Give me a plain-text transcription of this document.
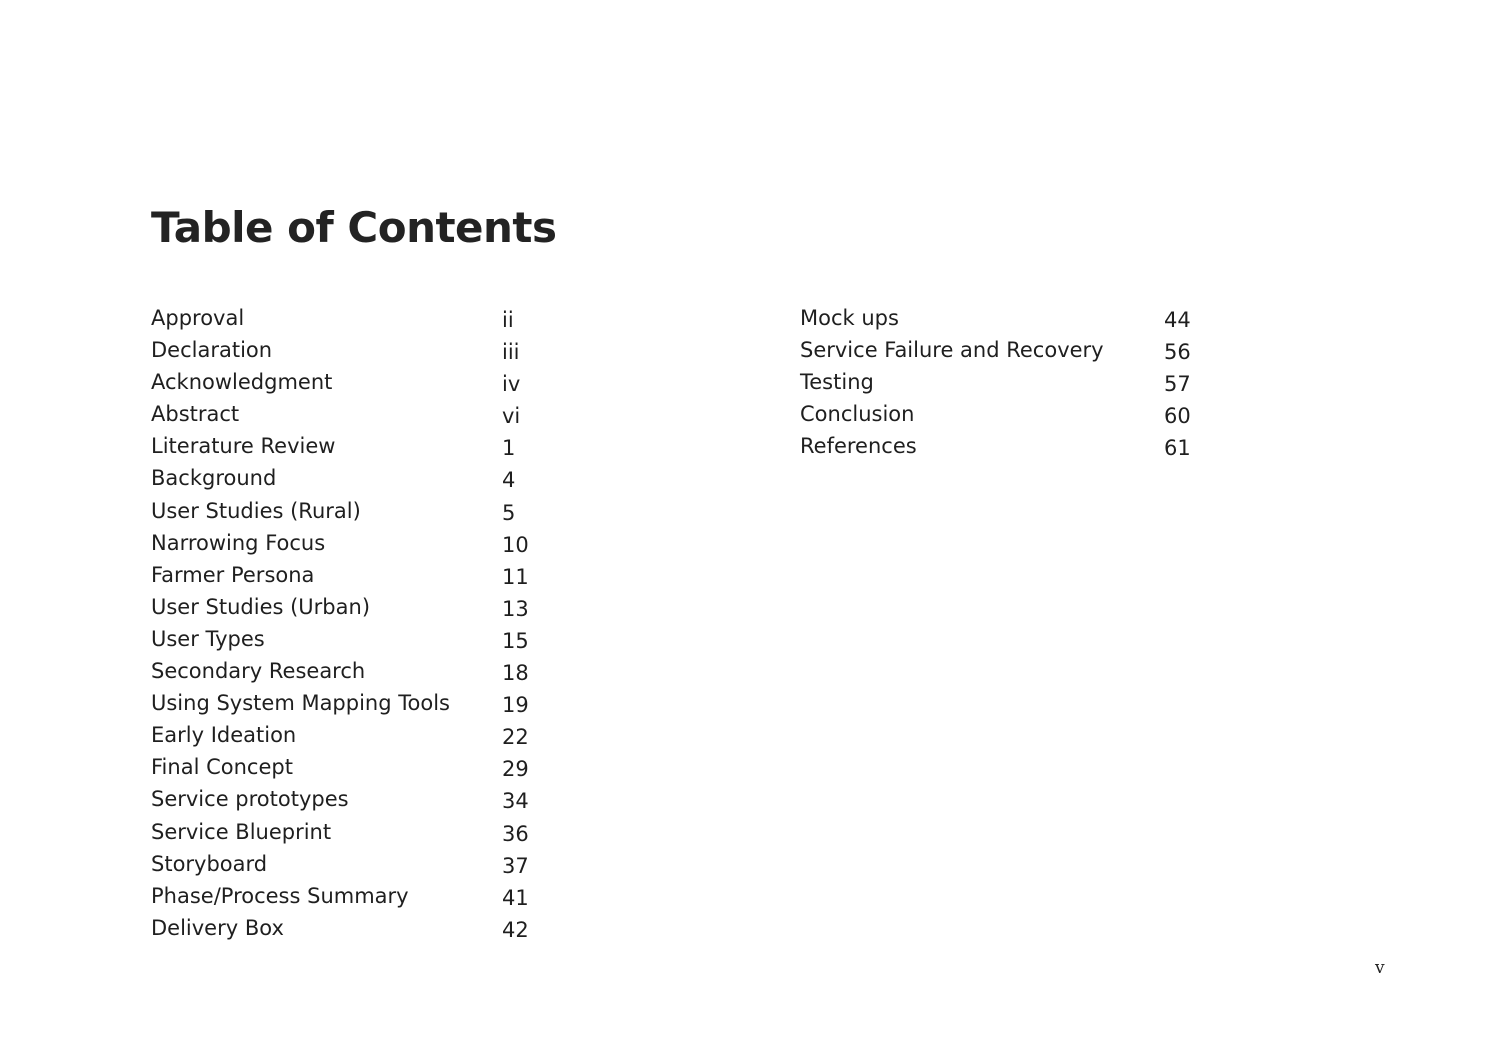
Table of Contents
Approval	ii
Declaration	iii
Acknowledgment	iv
Abstract	vi
Literature Review	1
Background	4
User Studies (Rural)	5
Narrowing Focus	10
Farmer Persona	11
User Studies (Urban)	13
User Types	15
Secondary Research	18
Using System Mapping Tools 19
Early Ideation	22
Final Concept	29
Service prototypes	34
Service Blueprint	36
Storyboard	37
Phase/Process Summary	41
Delivery Box	42
Mock ups	44
Service Failure and Recovery	56
Testing	57
Conclusion	60
References	61
v
